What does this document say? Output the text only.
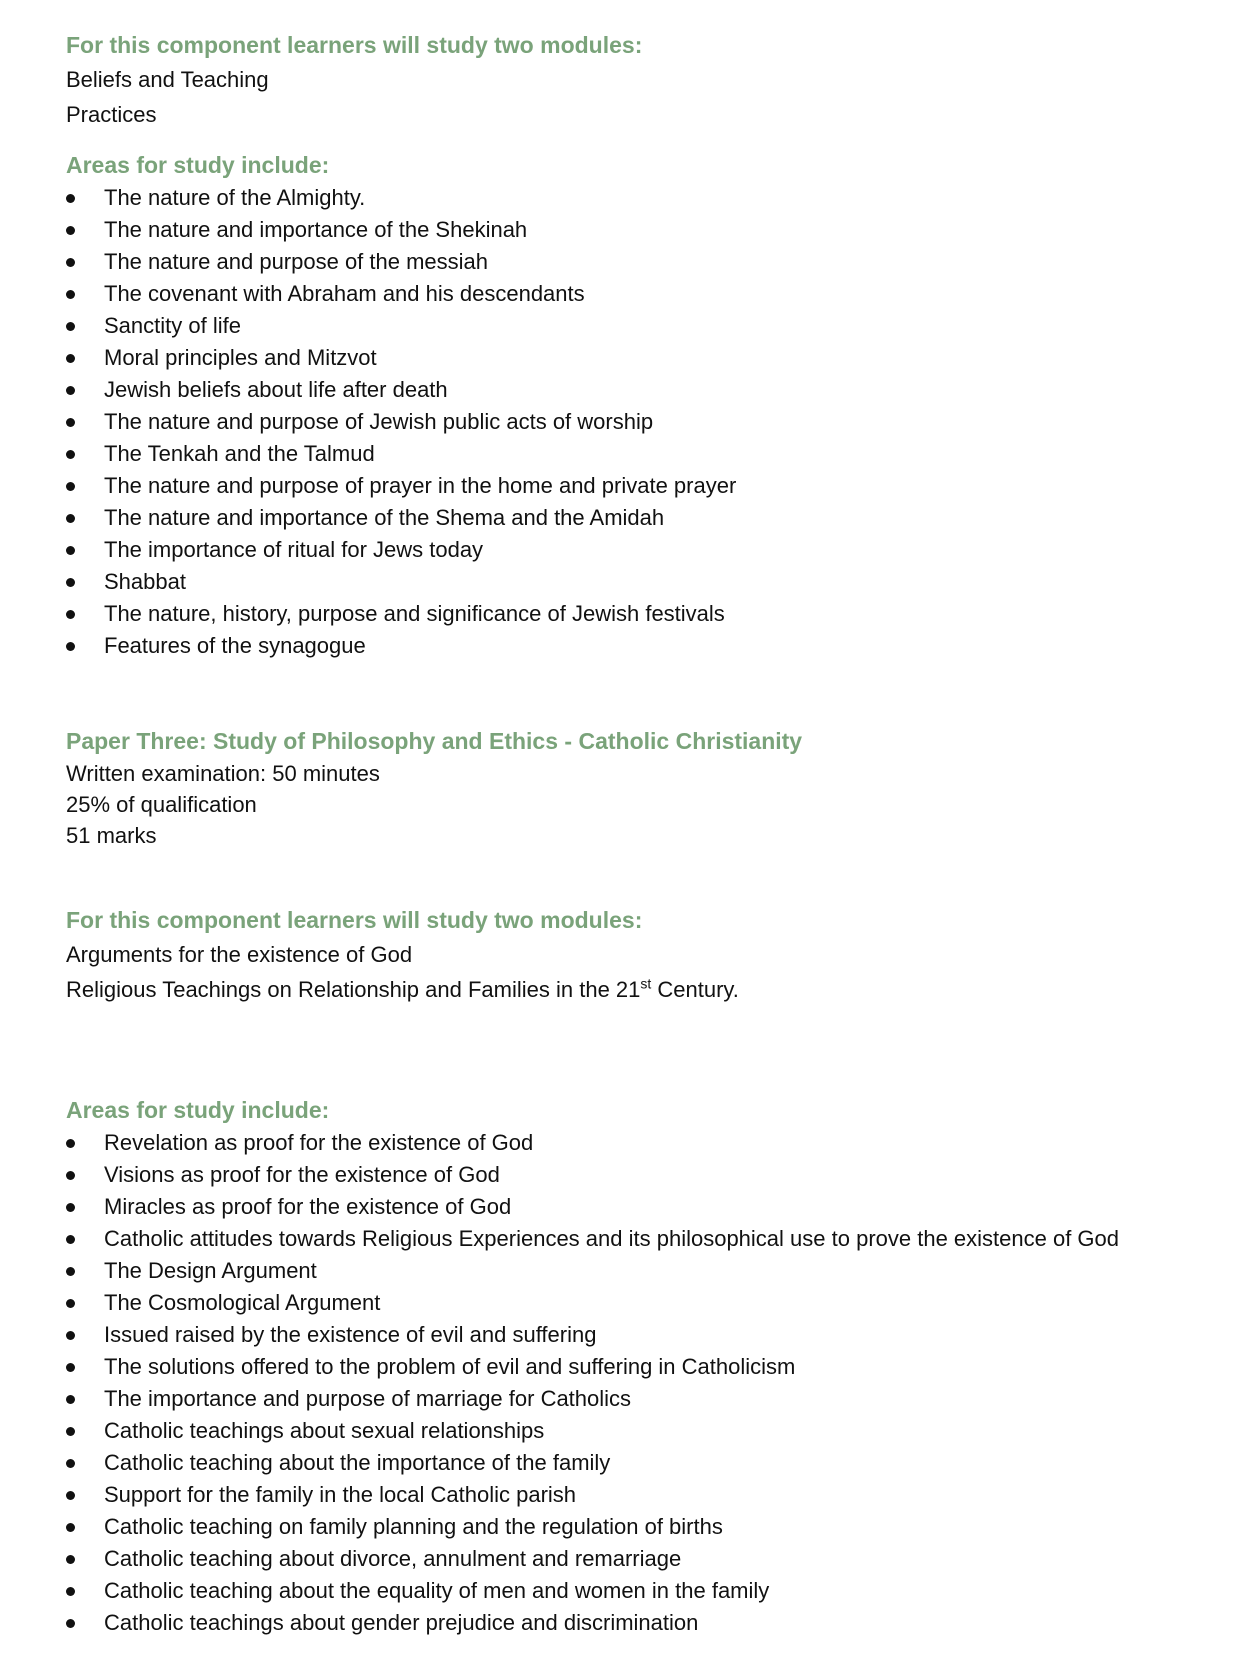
For this component learners will study two modules:

Beliefs and Teaching

Practices

Areas for study include:

The nature of the Almighty.
The nature and importance of the Shekinah
The nature and purpose of the messiah
The covenant with Abraham and his descendants
Sanctity of life
Moral principles and Mitzvot
Jewish beliefs about life after death
The nature and purpose of Jewish public acts of worship
The Tenkah and the Talmud
The nature and purpose of prayer in the home and private prayer
The nature and importance of the Shema and the Amidah
The importance of ritual for Jews today
Shabbat
The nature, history, purpose and significance of Jewish festivals
Features of the synagogue

Paper Three: Study of Philosophy and Ethics - Catholic Christianity

Written examination: 50 minutes

25% of qualification

51 marks

For this component learners will study two modules:

Arguments for the existence of God

Religious Teachings on Relationship and Families in the 21st Century.

Areas for study include:

Revelation as proof for the existence of God
Visions as proof for the existence of God
Miracles as proof for the existence of God
Catholic attitudes towards Religious Experiences and its philosophical use to prove the existence of God
The Design Argument
The Cosmological Argument
Issued raised by the existence of evil and suffering
The solutions offered to the problem of evil and suffering in Catholicism
The importance and purpose of marriage for Catholics
Catholic teachings about sexual relationships
Catholic teaching about the importance of the family
Support for the family in the local Catholic parish
Catholic teaching on family planning and the regulation of births
Catholic teaching about divorce, annulment and remarriage
Catholic teaching about the equality of men and women in the family
Catholic teachings about gender prejudice and discrimination
